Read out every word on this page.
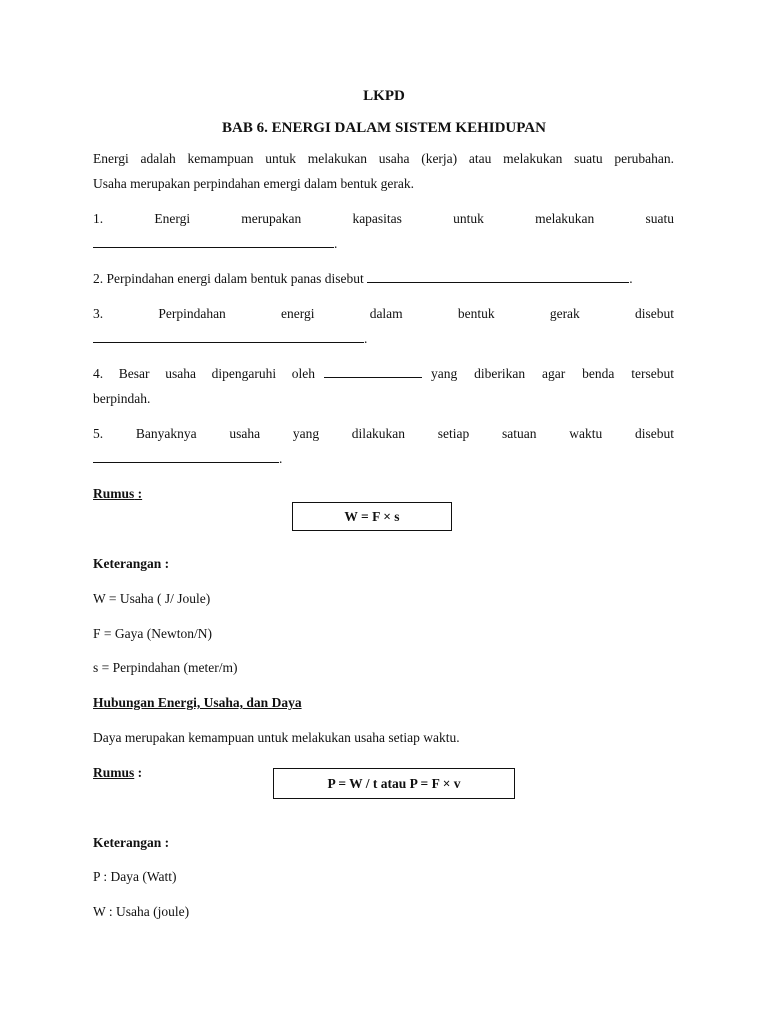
LKPD
BAB 6. ENERGI DALAM SISTEM KEHIDUPAN
Energi adalah kemampuan untuk melakukan usaha (kerja) atau melakukan suatu perubahan.
Usaha merupakan perpindahan emergi dalam bentuk gerak.
1. Energi merupakan kapasitas untuk melakukan suatu
.
2. Perpindahan energi dalam bentuk panas disebut	.
3. Perpindahan energi dalam bentuk gerak disebut
.
4. Besar usaha dipengaruhi oleh	yang diberikan agar benda tersebut
berpindah.
5. Banyaknya usaha yang dilakukan setiap satuan waktu disebut
.
Rumus :
W = F × s
Keterangan :
W = Usaha ( J/ Joule)
F = Gaya (Newton/N)
s = Perpindahan (meter/m)
Hubungan Energi, Usaha, dan Daya
Daya merupakan kemampuan untuk melakukan usaha setiap waktu.
Rumus :
P = W / t atau P = F × v
Keterangan :
P : Daya (Watt)
W : Usaha (joule)
